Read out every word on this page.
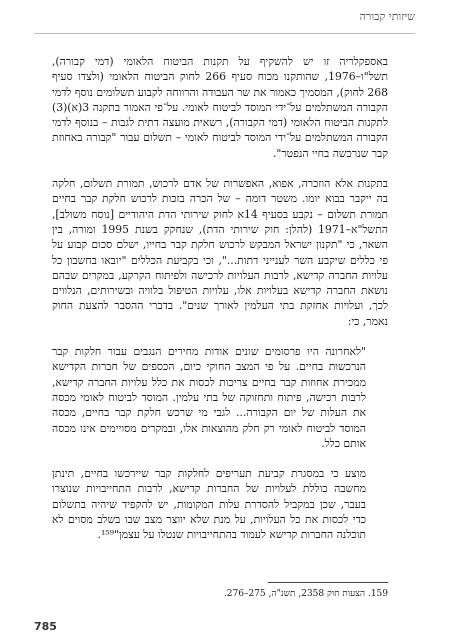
שיזותי קבורה

באספקלריה זו יש להשקיף על תקנות הביטוח הלאומי (דמי קבורה), תשל"ו–1976, שהותקנו מכוח סעיף 266 לחוק הביטוח הלאומי (ולצדו סעיף 268 לחוק), המסמיך כאמור את שר העבודה והרווחה לקבוע תשלומים נוסף לדמי הקבורה המשתלמים על־ידי המוסד לביטוח לאומי. על־פי האמור בתקנה 3(א)(3) לתקנות הביטוח הלאומי (דמי הקבורה), רשאית מועצה דתית לגבות – בנוסף לדמי הקבורה המשתלמים על־ידי המוסד לביטוח לאומי – תשלום עבור "קבורה באחוזת קבר שנרכשה בחיי הנפטר".

בתקנות אלא הוזכרה, אפוא, האפשרות של אדם לרכוש, תמורת תשלום, חלקה בה ייקבר בבוא יומו. משטר דומה – של הכרה בזכות לרכוש חלקת קבר בחיים תמורת תשלום – נקבע בסעיף 14א לחוק שירותי הדת היהודיים [נוסח משולב], התשל"א–1971 (להלן: חוק שירותי הדת), שנחקק בשנת 1995 ומורה, בין השאר, כי "תקנון ישראל המבקש לרכוש חלקת קבר בחייו, ישלם סכום קבוע על פי כללים שיקבע השר לענייני דתות...", וכי בקביעת הכללים "יובאו בחשבון כל עלויות החברה קדישא, לרבות העלויות לרכישה ולפיתוח הקרקע, במקרים שבהם נושאת החברה קדישא בעלויות אלו, עלויות הטיפול בלוויה ובשירותים, הנלווים לכך, ועלויות אחזקת בתי העלמין לאורך שנים". בדברי ההסבר להצעת החוק נאמר, כי:

"לאחרונה היו פרסומים שונים אודות מחירים הנגבים עבור חלקות קבר הנרכשות בחיים. על פי המצב החוקי כיום, הכספים של חברות הקדישא ממכירת אחוזות קבר בחיים צריכות לכסות את כלל עלויות החברה קדישא, לרבות רכישה, פיתוח ותחזוקה של בתי עלמין. המוסד לביטוח לאומי מכסה את העלות של יום הקבורה... לגבי מי שרכש חלקת קבר בחיים, מכסה המוסד לביטוח לאומי רק חלק מהוצאות אלו, ובמקרים מסויימים אינו מכסה אותם כלל.

מוצע כי במסגרת קביעת תעריפים לחלקות קבר שיירכשו בחיים, תינתן מחשבה כוללת לעלויות של החברות קדישא, לרבות התחייבויות שנוצרו בעבר, שכן במקביל להסדרת עלות המקומות, יש להקפיד שיהיה בתשלום כדי לכסות את כל העלויות, על מנת שלא יווצר מצב שבו בשלב מסוים לא תוכלנה החברות קדישא לעמוד בהתחייבויות שנטלו על עצמן"¹⁵⁹.

159. הצעות חוק 2358, תשנ"ה, 275–276.
785
